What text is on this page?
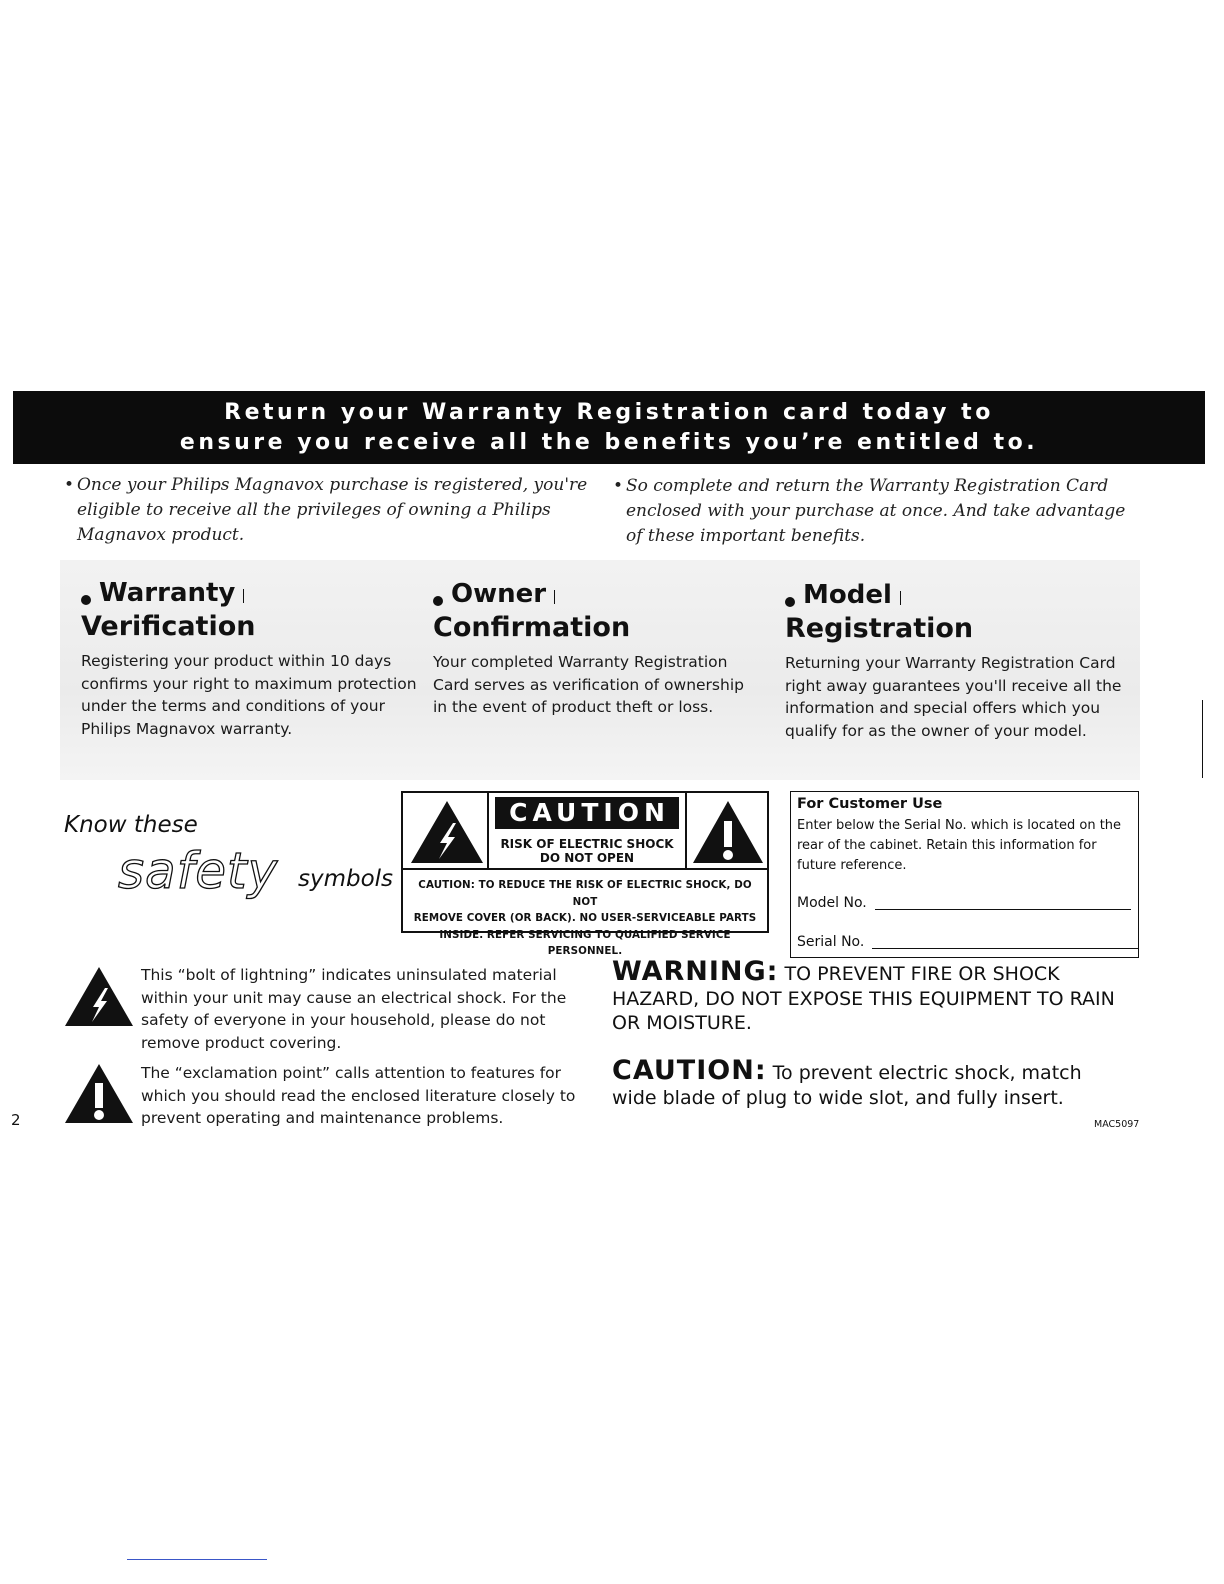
Return your Warranty Registration card today to
ensure you receive all the benefits you’re entitled to.
• Once your Philips Magnavox purchase is registered, you're eligible to receive all the privileges of owning a Philips Magnavox product.
• So complete and return the Warranty Registration Card enclosed with your purchase at once. And take advantage of these important benefits.
Warranty
Verification
Registering your product within 10 days confirms your right to maximum protection under the terms and conditions of your Philips Magnavox warranty.
Owner
Confirmation
Your completed Warranty Registration Card serves as verification of ownership in the event of product theft or loss.
Model
Registration
Returning your Warranty Registration Card right away guarantees you'll receive all the information and special offers which you qualify for as the owner of your model.
Know these
safety symbols
CAUTION
RISK OF ELECTRIC SHOCK
DO NOT OPEN
CAUTION: TO REDUCE THE RISK OF ELECTRIC SHOCK, DO NOT
REMOVE COVER (OR BACK). NO USER-SERVICEABLE PARTS
INSIDE. REFER SERVICING TO QUALIFIED SERVICE PERSONNEL.
For Customer Use
Enter below the Serial No. which is located on the rear of the cabinet. Retain this information for future reference.
Model No.
Serial No.
This “bolt of lightning” indicates uninsulated material within your unit may cause an electrical shock. For the safety of everyone in your household, please do not remove product covering.
The “exclamation point” calls attention to features for which you should read the enclosed literature closely to prevent operating and maintenance problems.
WARNING: TO PREVENT FIRE OR SHOCK HAZARD, DO NOT EXPOSE THIS EQUIPMENT TO RAIN OR MOISTURE.
CAUTION: To prevent electric shock, match wide blade of plug to wide slot, and fully insert.
MAC5097
2
